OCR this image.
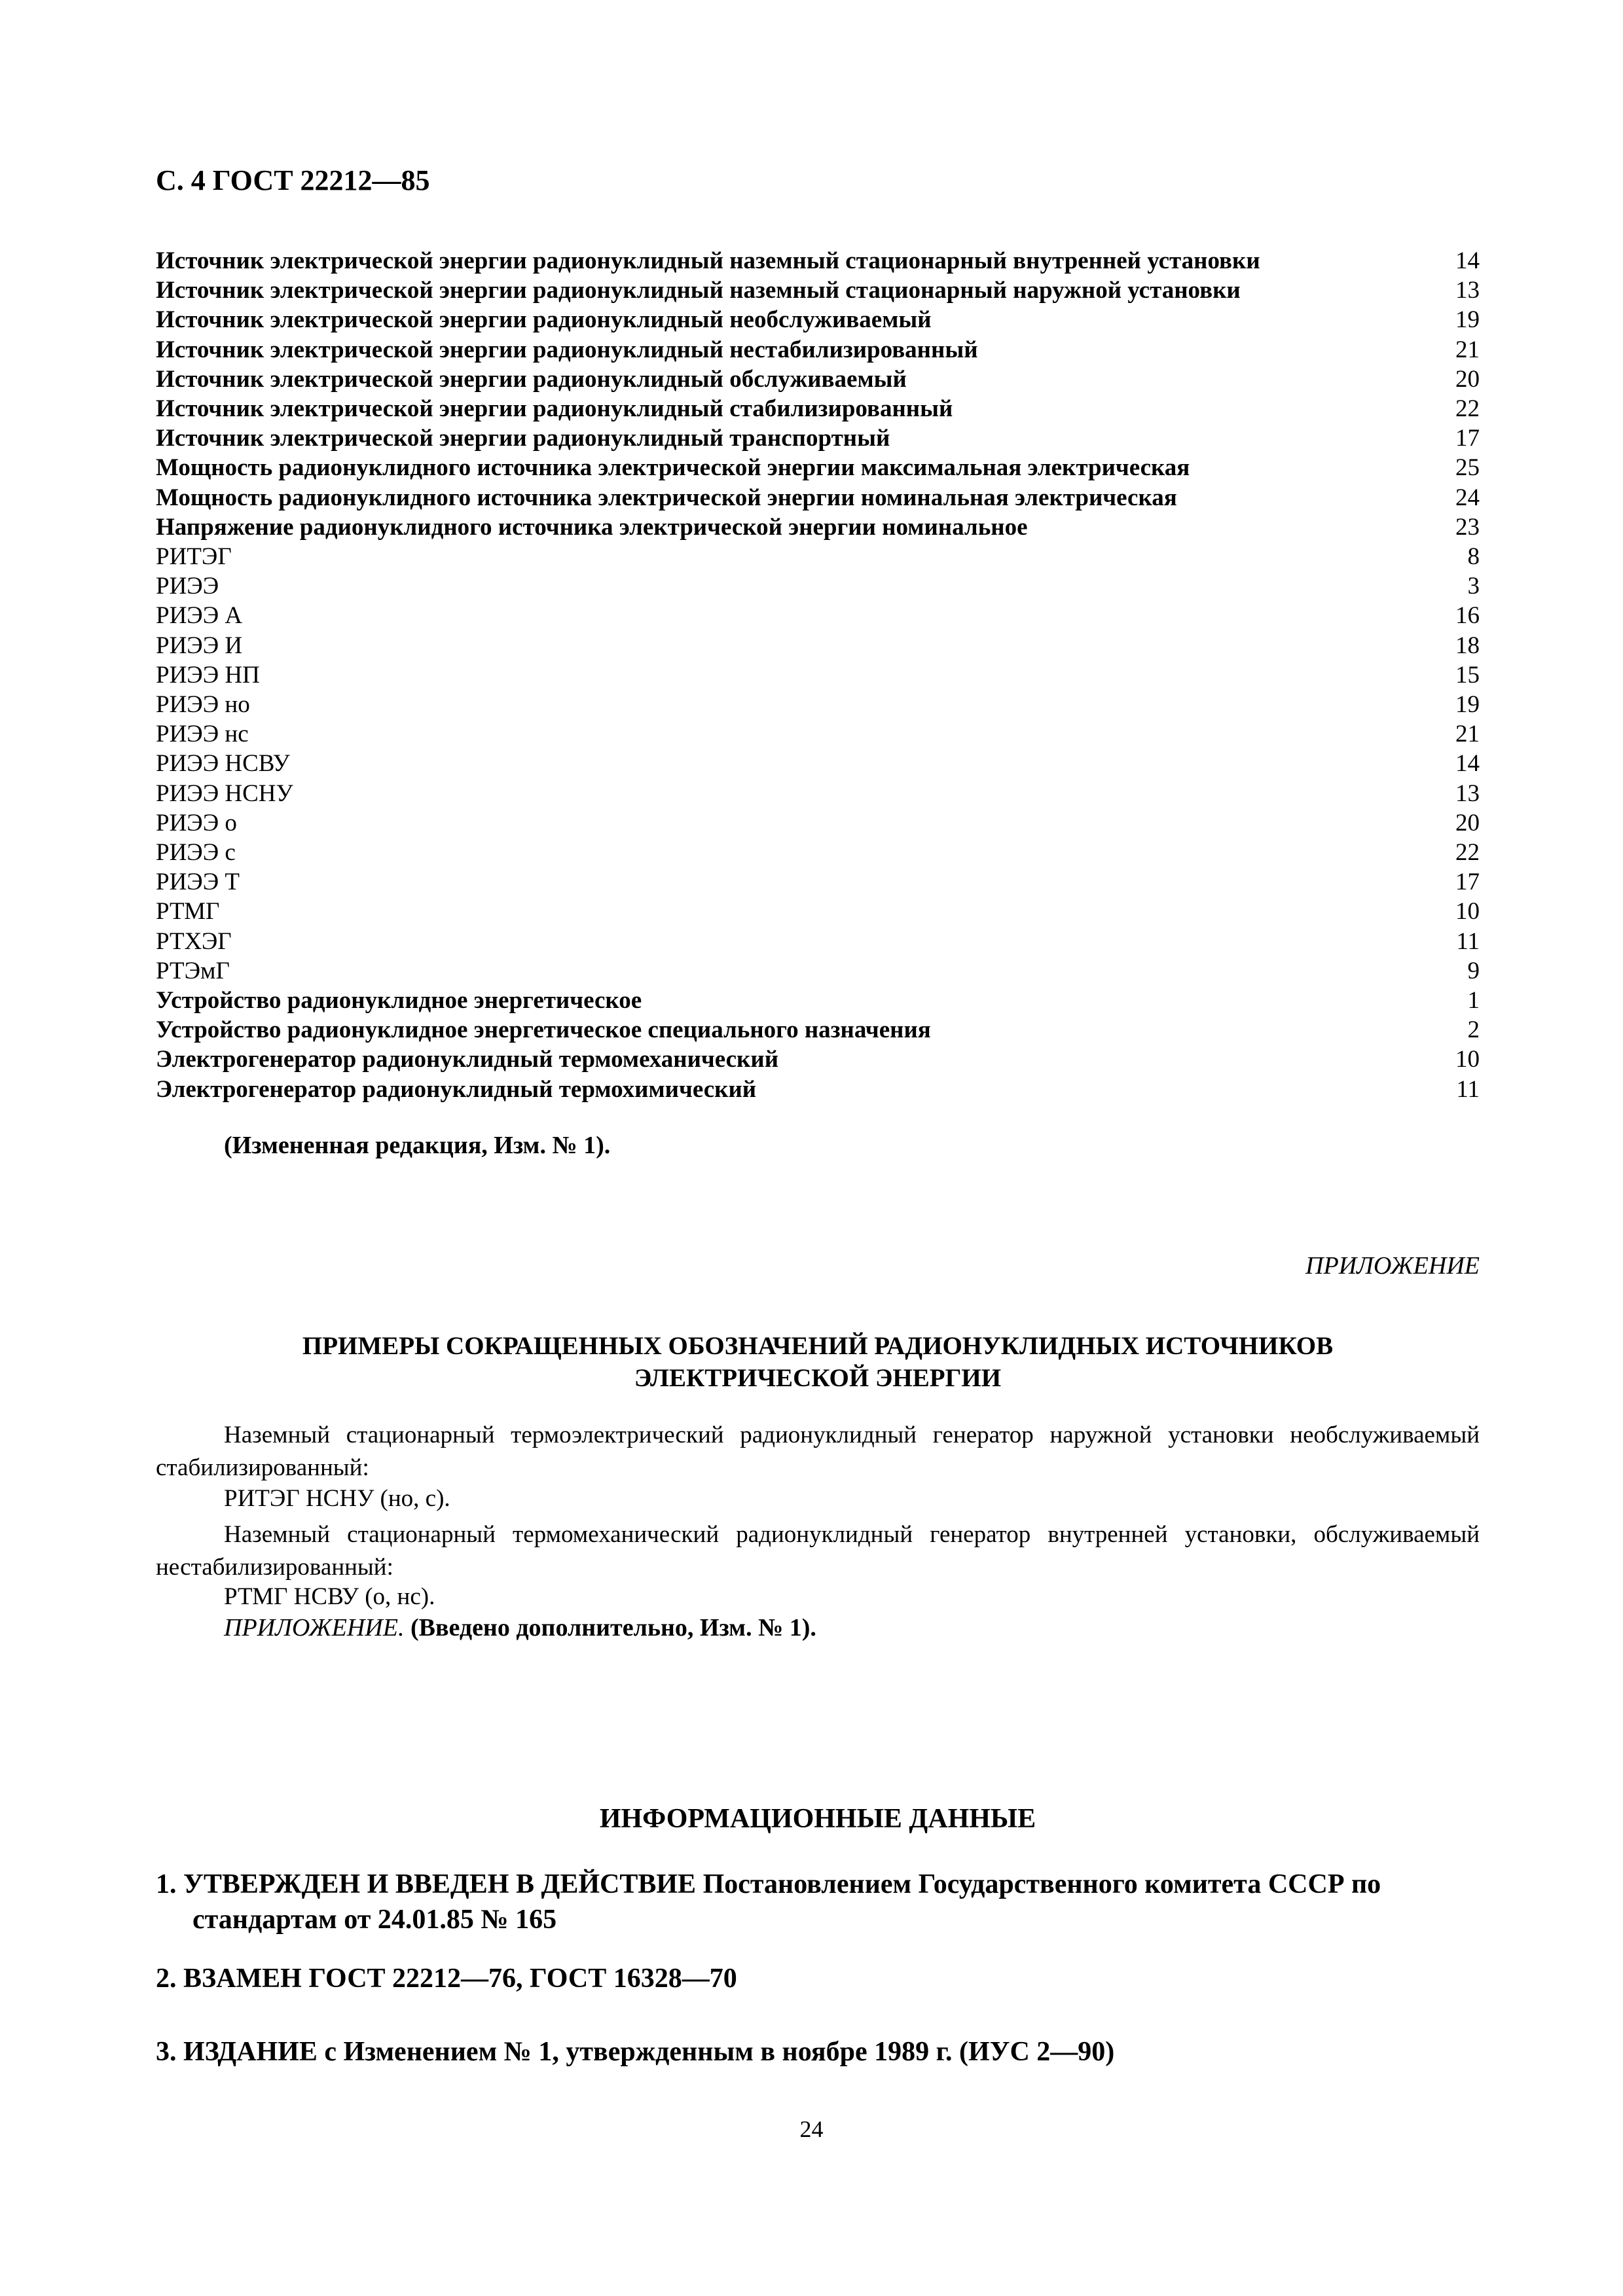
С. 4 ГОСТ 22212—85
Источник электрической энергии радионуклидный наземный стационарный внутренней установки	14
Источник электрической энергии радионуклидный наземный стационарный наружной установки	13
Источник электрической энергии радионуклидный необслуживаемый	19
Источник электрической энергии радионуклидный нестабилизированный	21
Источник электрической энергии радионуклидный обслуживаемый	20
Источник электрической энергии радионуклидный стабилизированный	22
Источник электрической энергии радионуклидный транспортный	17
Мощность радионуклидного источника электрической энергии максимальная электрическая	25
Мощность радионуклидного источника электрической энергии номинальная электрическая	24
Напряжение радионуклидного источника электрической энергии номинальное	23
РИТЭГ	8
РИЭЭ	3
РИЭЭ А	16
РИЭЭ И	18
РИЭЭ НП	15
РИЭЭ но	19
РИЭЭ нс	21
РИЭЭ НСВУ	14
РИЭЭ НСНУ	13
РИЭЭ о	20
РИЭЭ с	22
РИЭЭ Т	17
РТМГ	10
РТХЭГ	11
РТЭмГ	9
Устройство радионуклидное энергетическое	1
Устройство радионуклидное энергетическое специального назначения	2
Электрогенератор радионуклидный термомеханический	10
Электрогенератор радионуклидный термохимический	11
(Измененная редакция, Изм. № 1).
ПРИЛОЖЕНИЕ
ПРИМЕРЫ СОКРАЩЕННЫХ ОБОЗНАЧЕНИЙ РАДИОНУКЛИДНЫХ ИСТОЧНИКОВ
ЭЛЕКТРИЧЕСКОЙ ЭНЕРГИИ
Наземный стационарный термоэлектрический радионуклидный генератор наружной установки необслуживаемый стабилизированный:
РИТЭГ НСНУ (но, с).
Наземный стационарный термомеханический радионуклидный генератор внутренней установки, обслуживаемый нестабилизированный:
РТМГ НСВУ (о, нс).
ПРИЛОЖЕНИЕ. (Введено дополнительно, Изм. № 1).
ИНФОРМАЦИОННЫЕ ДАННЫЕ
1. УТВЕРЖДЕН И ВВЕДЕН В ДЕЙСТВИЕ Постановлением Государственного комитета СССР по
стандартам от 24.01.85 № 165
2. ВЗАМЕН ГОСТ 22212—76, ГОСТ 16328—70
3. ИЗДАНИЕ с Изменением № 1, утвержденным в ноябре 1989 г. (ИУС 2—90)
24
